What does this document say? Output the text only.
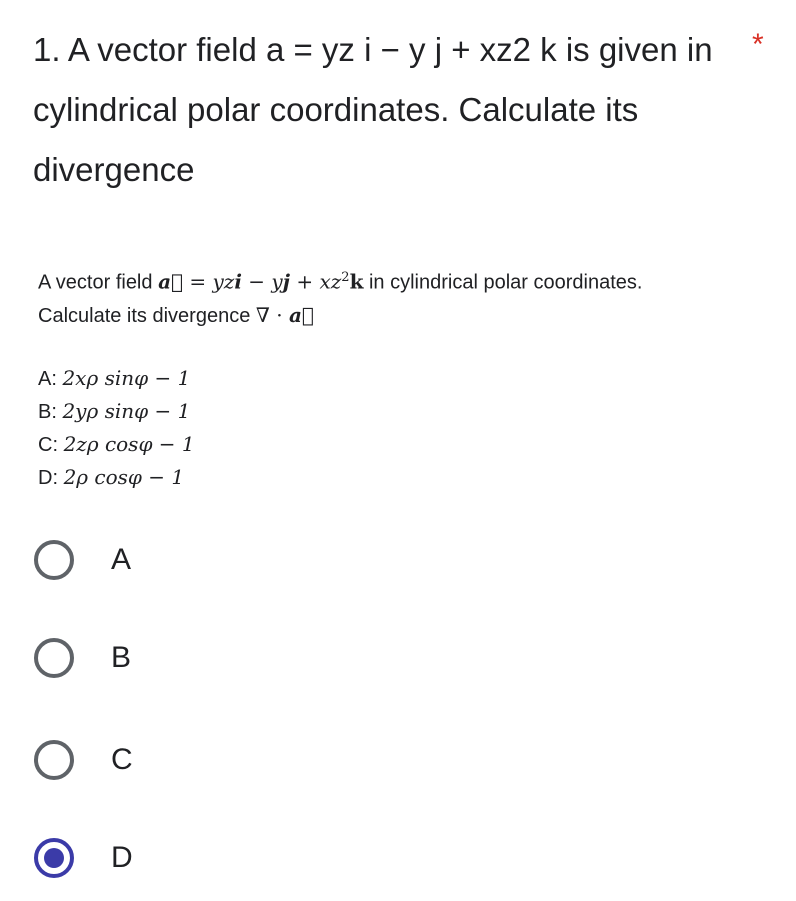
1. A vector field a = yz i − y j + xz2 k is given in cylindrical polar coordinates. Calculate its divergence
*
A vector field a⃗ = yzi − yj + $xz^2k$ in cylindrical polar coordinates.
Calculate its divergence ∇ · a⃗
A: 2xρ sinφ − 1
B: 2yρ sinφ − 1
C: 2zρ cosφ − 1
D: 2ρ cosφ − 1
A
B
C
D
